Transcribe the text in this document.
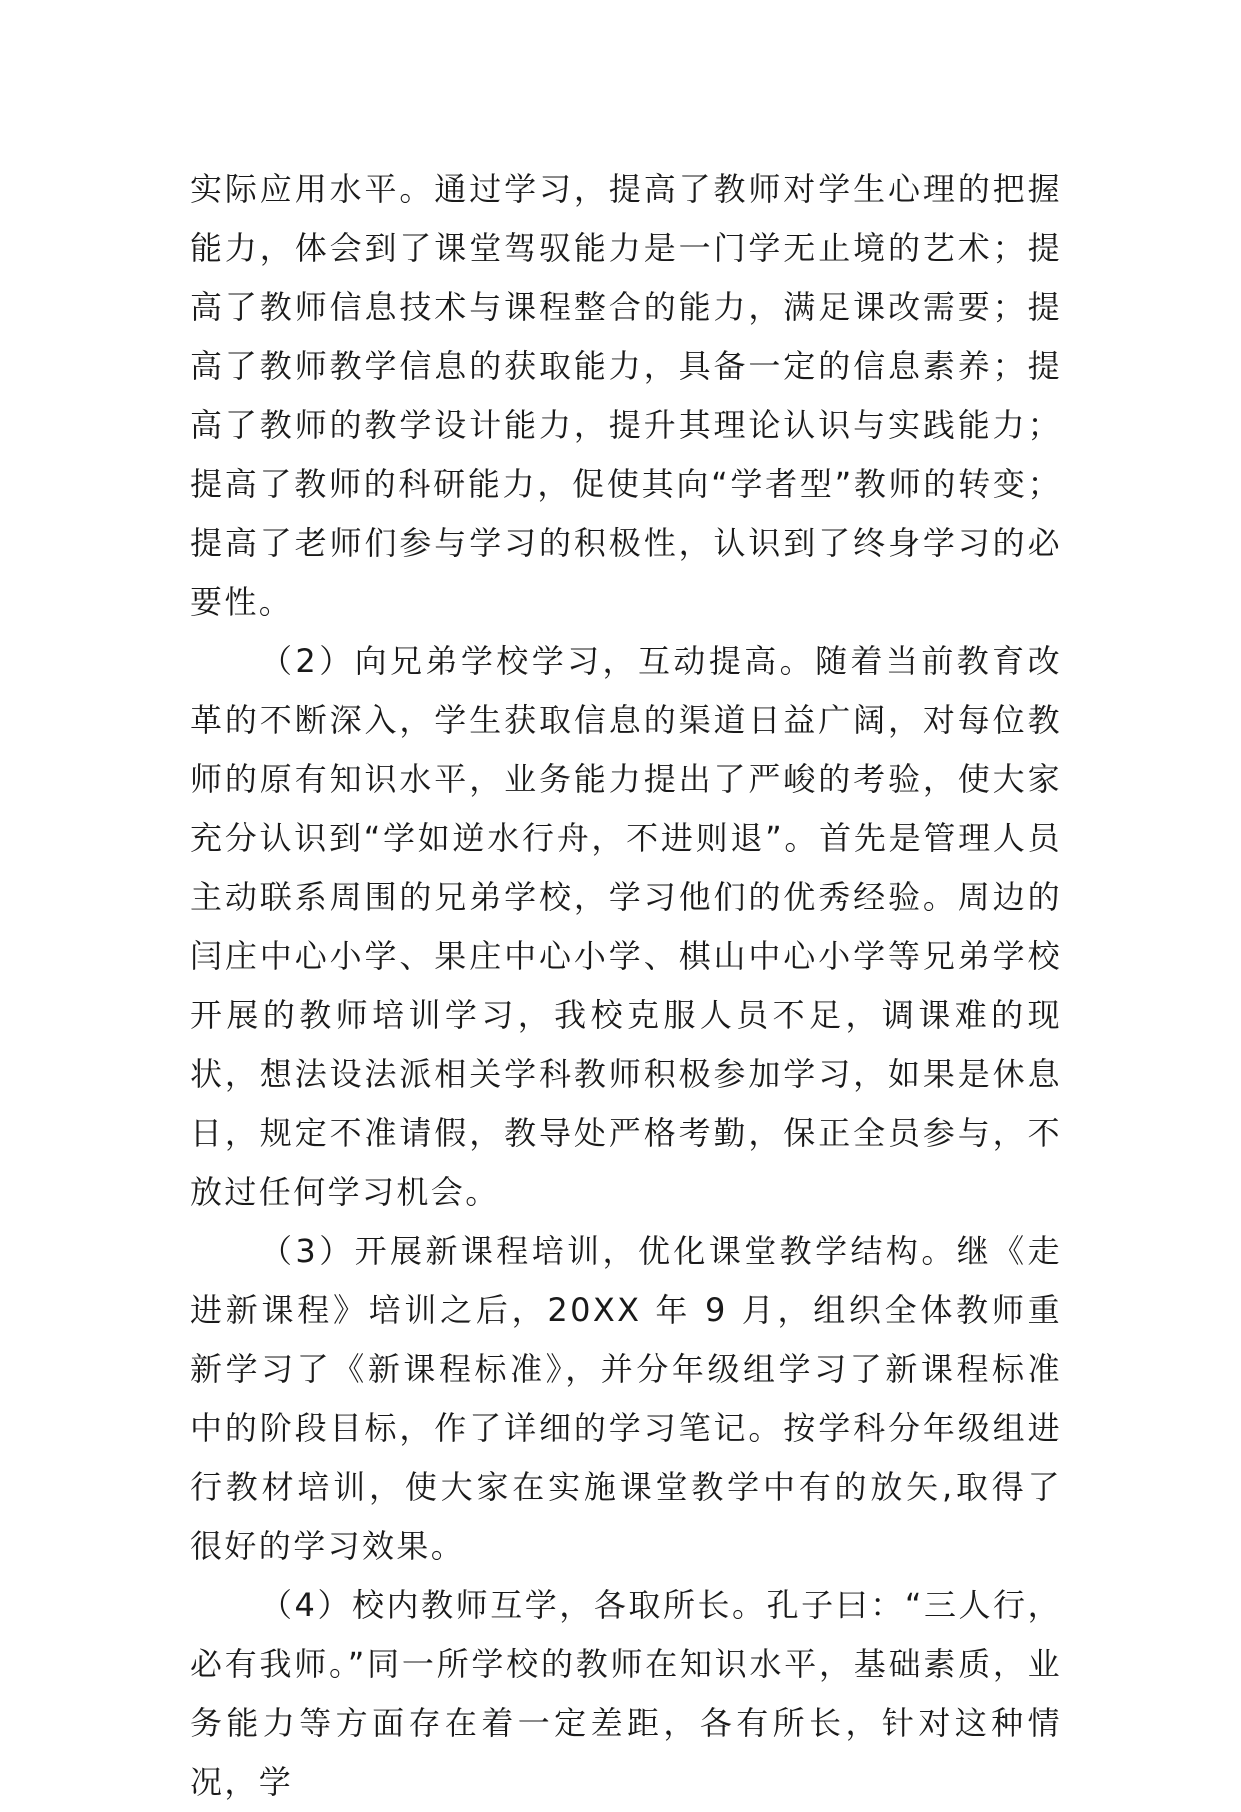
实际应用水平。通过学习，提高了教师对学生心理的把握能力，体会到了课堂驾驭能力是一门学无止境的艺术；提高了教师信息技术与课程整合的能力，满足课改需要；提高了教师教学信息的获取能力，具备一定的信息素养；提高了教师的教学设计能力，提升其理论认识与实践能力；提高了教师的科研能力，促使其向“学者型”教师的转变；提高了老师们参与学习的积极性，认识到了终身学习的必要性。

（2）向兄弟学校学习，互动提高。随着当前教育改革的不断深入，学生获取信息的渠道日益广阔，对每位教师的原有知识水平，业务能力提出了严峻的考验，使大家充分认识到“学如逆水行舟，不进则退”。首先是管理人员主动联系周围的兄弟学校，学习他们的优秀经验。周边的闫庄中心小学、果庄中心小学、棋山中心小学等兄弟学校开展的教师培训学习，我校克服人员不足，调课难的现状，想法设法派相关学科教师积极参加学习，如果是休息日，规定不准请假，教导处严格考勤，保正全员参与，不放过任何学习机会。

（3）开展新课程培训，优化课堂教学结构。继《走进新课程》培训之后，20XX 年 9 月，组织全体教师重新学习了《新课程标准》，并分年级组学习了新课程标准中的阶段目标，作了详细的学习笔记。按学科分年级组进行教材培训，使大家在实施课堂教学中有的放矢,取得了很好的学习效果。

（4）校内教师互学，各取所长。孔子曰：“三人行，必有我师。”同一所学校的教师在知识水平，基础素质，业务能力等方面存在着一定差距，各有所长，针对这种情况，学
